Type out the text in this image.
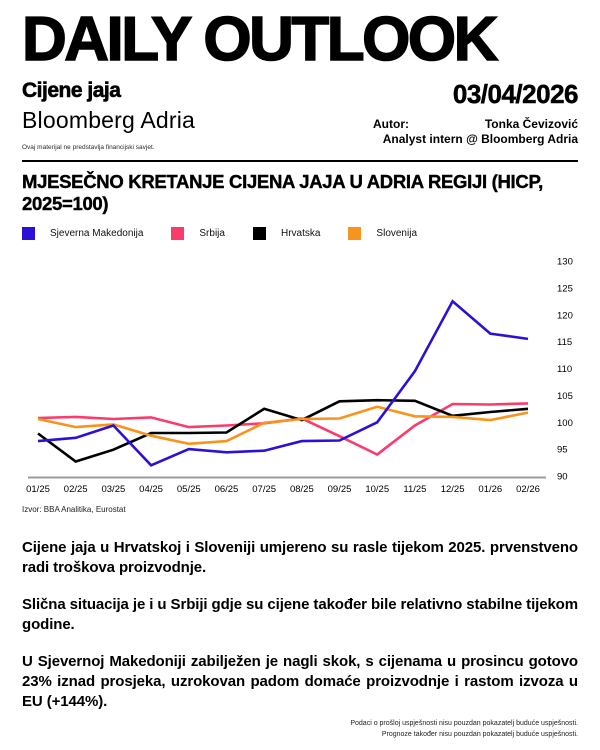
DAILY OUTLOOK
Cijene jaja
Bloomberg Adria
Ovaj materijal ne predstavlja financijski savjet.
03/04/2026
Autor:	Tonka Čevizović
Analyst intern @ Bloomberg Adria
MJESEČNO KRETANJE CIJENA JAJA U ADRIA REGIJI (HICP, 2025=100)
Sjeverna Makedonija	Srbija	Hrvatska	Slovenija
90
95
100
105
110
115
120
125
130
01/25 02/25 03/25 04/25 05/25 06/25 07/25 08/25 09/25 10/25 11/25 12/25 01/26 02/26
Izvor: BBA Analitika, Eurostat

Cijene jaja u Hrvatskoj i Sloveniji umjereno su rasle tijekom 2025. prvenstveno radi troškova proizvodnje.

Slična situacija je i u Srbiji gdje su cijene također bile relativno stabilne tijekom godine.

U Sjevernoj Makedoniji zabilježen je nagli skok, s cijenama u prosincu gotovo 23% iznad prosjeka, uzrokovan padom domaće proizvodnje i rastom izvoza u EU (+144%).

Podaci o prošloj uspješnosti nisu pouzdan pokazatelj buduće uspješnosti.
Prognoze također nisu pouzdan pokazatelj buduće uspješnosti.
